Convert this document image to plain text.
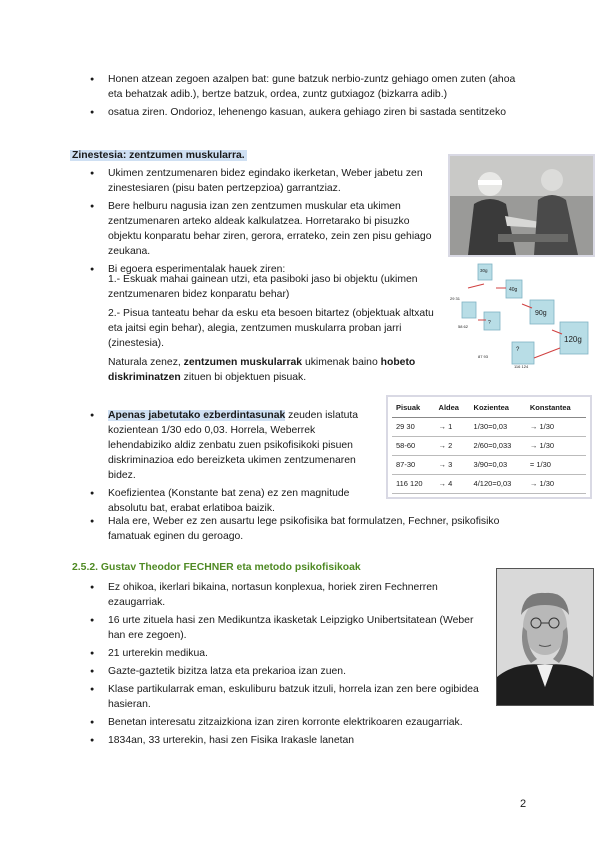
● Honen atzean zegoen azalpen bat: gune batzuk nerbio-zuntz gehiago omen zuten (ahoa eta behatzak adib.), bertze batzuk, ordea, zuntz gutxiagoz (bizkarra adib.)
● osatua ziren. Ondorioz, lehenengo kasuan, aukera gehiago ziren bi sastada sentitzeko
Zinestesia: zentzumen muskularra.
● Ukimen zentzumenaren bidez egindako ikerketan, Weber jabetu zen zinestesiaren (pisu baten pertzepzioa) garrantziaz.
● Bere helburu nagusia izan zen zentzumen muskular eta ukimen zentzumenaren arteko aldeak kalkulatzea. Horretarako bi pisuzko objektu konparatu behar ziren, gerora, errateko, zein zen pisu gehiago zeukana.
● Bi egoera esperimentalak hauek ziren:

1.- Eskuak mahai gainean utzi, eta pasiboki jaso bi objektu (ukimen zentzumenaren bidez konparatu behar)

2.- Pisua tanteatu behar da esku eta besoen bitartez (objektuak altxatu eta jaitsi egin behar), alegia, zentzumen muskularra proban jarri (zinestesia).

Naturala zenez, zentzumen muskularrak ukimenak baino hobeto diskriminatzen zituen bi objektuen pisuak.

30g
40g
90g
120g
29 31
58 62
87 93
116 124
?
?
● Apenas jabetutako ezberdintasunak zeuden islatuta kozientean 1/30 edo 0,03. Horrela, Weberrek lehendabiziko aldiz zenbatu zuen psikofisikoki pisuen diskriminazioa edo bereizketa ukimen zentzumenaren bidez.
● Koefizientea (Konstante bat zena) ez zen magnitude absolutu bat, erabat erlatiboa baizik.
● Hala ere, Weber ez zen ausartu lege psikofisika bat formulatzen, Fechner, psikofisiko famatuak eginen du geroago.
Pisuak	Aldea	Kozientea	Konstantea
29 30	→ 1	1/30=0,03	→ 1/30
58-60	→ 2	2/60=0,033	→ 1/30
87-30	→ 3	3/90=0,03	= 1/30
116 120	→ 4	4/120=0,03	→ 1/30
2.5.2. Gustav Theodor FECHNER eta metodo psikofisikoak
● Ez ohikoa, ikerlari bikaina, nortasun konplexua, horiek ziren Fechnerren ezaugarriak.
● 16 urte zituela hasi zen Medikuntza ikasketak Leipzigko Unibertsitatean (Weber han ere zegoen).
● 21 urterekin medikua.
● Gazte-gaztetik bizitza latza eta prekarioa izan zuen.
● Klase partikularrak eman, eskuliburu batzuk itzuli, horrela izan zen bere ogibidea hasieran.
● Benetan interesatu zitzaizkiona izan ziren korronte elektrikoaren ezaugarriak.
● 1834an, 33 urterekin, hasi zen Fisika Irakasle lanetan
2
